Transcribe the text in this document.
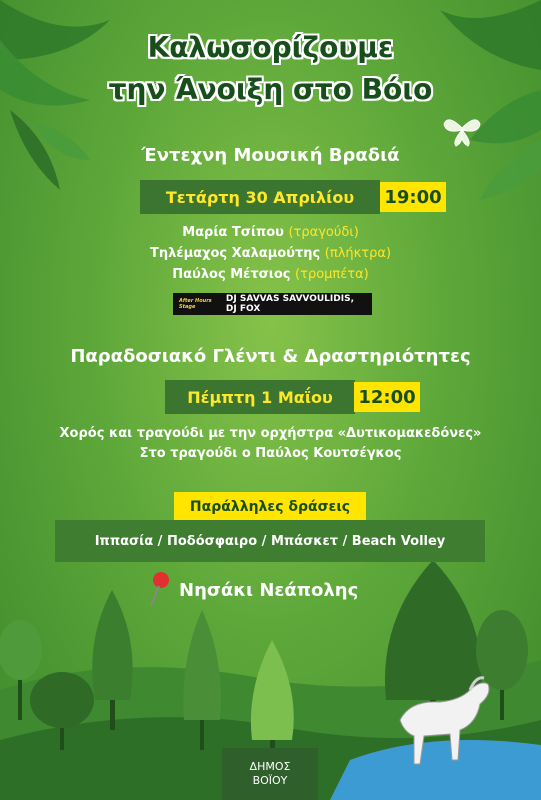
Καλωσορίζουμε
την Άνοιξη στο Βόιο
Έντεχνη Μουσική Βραδιά
Τετάρτη 30 Απριλίου	19:00
Μαρία Τσίπου (τραγούδι)
Τηλέμαχος Χαλαμούτης (πλήκτρα)
Παύλος Μέτσιος (τρομπέτα)
After Hours Stage
DJ SAVVAS SAVVOULIDIS, DJ FOX
Παραδοσιακό Γλέντι & Δραστηριότητες
Πέμπτη 1 Μαΐου	12:00
Χορός και τραγούδι με την ορχήστρα «Δυτικομακεδόνες»
Στο τραγούδι ο Παύλος Κουτσέγκος
Παράλληλες δράσεις
Ιππασία / Ποδόσφαιρο / Μπάσκετ / Beach Volley
Νησάκι Νεάπολης
ΔΗΜΟΣ
ΒΟΪΟΥ
